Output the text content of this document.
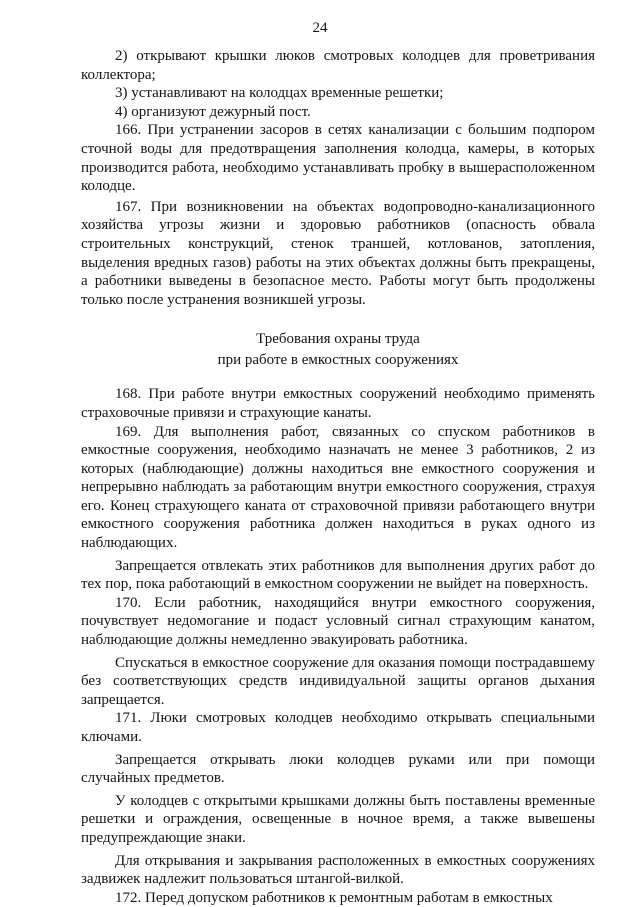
24

2) открывают крышки люков смотровых колодцев для проветривания коллектора;

3) устанавливают на колодцах временные решетки;

4) организуют дежурный пост.

166. При устранении засоров в сетях канализации с большим подпором сточной воды для предотвращения заполнения колодца, камеры, в которых производится работа, необходимо устанавливать пробку в вышерасположенном колодце.

167. При возникновении на объектах водопроводно-канализационного хозяйства угрозы жизни и здоровью работников (опасность обвала строительных конструкций, стенок траншей, котлованов, затопления, выделения вредных газов) работы на этих объектах должны быть прекращены, а работники выведены в безопасное место. Работы могут быть продолжены только после устранения возникшей угрозы.

Требования охраны труда
при работе в емкостных сооружениях

168. При работе внутри емкостных сооружений необходимо применять страховочные привязи и страхующие канаты.

169. Для выполнения работ, связанных со спуском работников в емкостные сооружения, необходимо назначать не менее 3 работников, 2 из которых (наблюдающие) должны находиться вне емкостного сооружения и непрерывно наблюдать за работающим внутри емкостного сооружения, страхуя его. Конец страхующего каната от страховочной привязи работающего внутри емкостного сооружения работника должен находиться в руках одного из наблюдающих.

Запрещается отвлекать этих работников для выполнения других работ до тех пор, пока работающий в емкостном сооружении не выйдет на поверхность.

170. Если работник, находящийся внутри емкостного сооружения, почувствует недомогание и подаст условный сигнал страхующим канатом, наблюдающие должны немедленно эвакуировать работника.

Спускаться в емкостное сооружение для оказания помощи пострадавшему без соответствующих средств индивидуальной защиты органов дыхания запрещается.

171. Люки смотровых колодцев необходимо открывать специальными ключами.

Запрещается открывать люки колодцев руками или при помощи случайных предметов.

У колодцев с открытыми крышками должны быть поставлены временные решетки и ограждения, освещенные в ночное время, а также вывешены предупреждающие знаки.

Для открывания и закрывания расположенных в емкостных сооружениях задвижек надлежит пользоваться штангой-вилкой.

172. Перед допуском работников к ремонтным работам в емкостных
